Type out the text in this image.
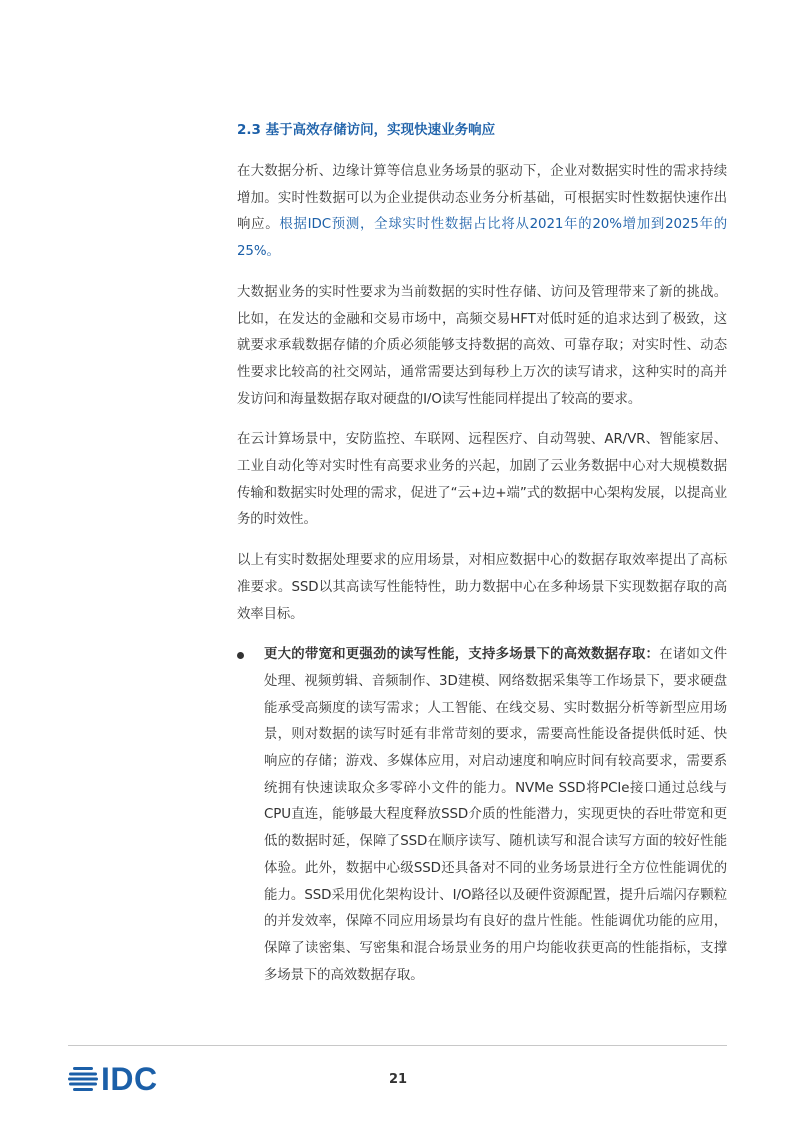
2.3 基于高效存储访问，实现快速业务响应

在大数据分析、边缘计算等信息业务场景的驱动下，企业对数据实时性的需求持续增加。实时性数据可以为企业提供动态业务分析基础，可根据实时性数据快速作出响应。根据IDC预测，全球实时性数据占比将从2021年的20%增加到2025年的25%。

大数据业务的实时性要求为当前数据的实时性存储、访问及管理带来了新的挑战。比如，在发达的金融和交易市场中，高频交易HFT对低时延的追求达到了极致，这就要求承载数据存储的介质必须能够支持数据的高效、可靠存取；对实时性、动态性要求比较高的社交网站，通常需要达到每秒上万次的读写请求，这种实时的高并发访问和海量数据存取对硬盘的I/O读写性能同样提出了较高的要求。

在云计算场景中，安防监控、车联网、远程医疗、自动驾驶、AR/VR、智能家居、工业自动化等对实时性有高要求业务的兴起，加剧了云业务数据中心对大规模数据传输和数据实时处理的需求，促进了“云+边+端”式的数据中心架构发展，以提高业务的时效性。

以上有实时数据处理要求的应用场景，对相应数据中心的数据存取效率提出了高标准要求。SSD以其高读写性能特性，助力数据中心在多种场景下实现数据存取的高效率目标。

更大的带宽和更强劲的读写性能，支持多场景下的高效数据存取：在诸如文件处理、视频剪辑、音频制作、3D建模、网络数据采集等工作场景下，要求硬盘能承受高频度的读写需求；人工智能、在线交易、实时数据分析等新型应用场景，则对数据的读写时延有非常苛刻的要求，需要高性能设备提供低时延、快响应的存储；游戏、多媒体应用，对启动速度和响应时间有较高要求，需要系统拥有快速读取众多零碎小文件的能力。NVMe SSD将PCIe接口通过总线与CPU直连，能够最大程度释放SSD介质的性能潜力，实现更快的吞吐带宽和更低的数据时延，保障了SSD在顺序读写、随机读写和混合读写方面的较好性能体验。此外，数据中心级SSD还具备对不同的业务场景进行全方位性能调优的能力。SSD采用优化架构设计、I/O路径以及硬件资源配置，提升后端闪存颗粒的并发效率，保障不同应用场景均有良好的盘片性能。性能调优功能的应用，保障了读密集、写密集和混合场景业务的用户均能收获更高的性能指标，支撑多场景下的高效数据存取。
IDC	21
